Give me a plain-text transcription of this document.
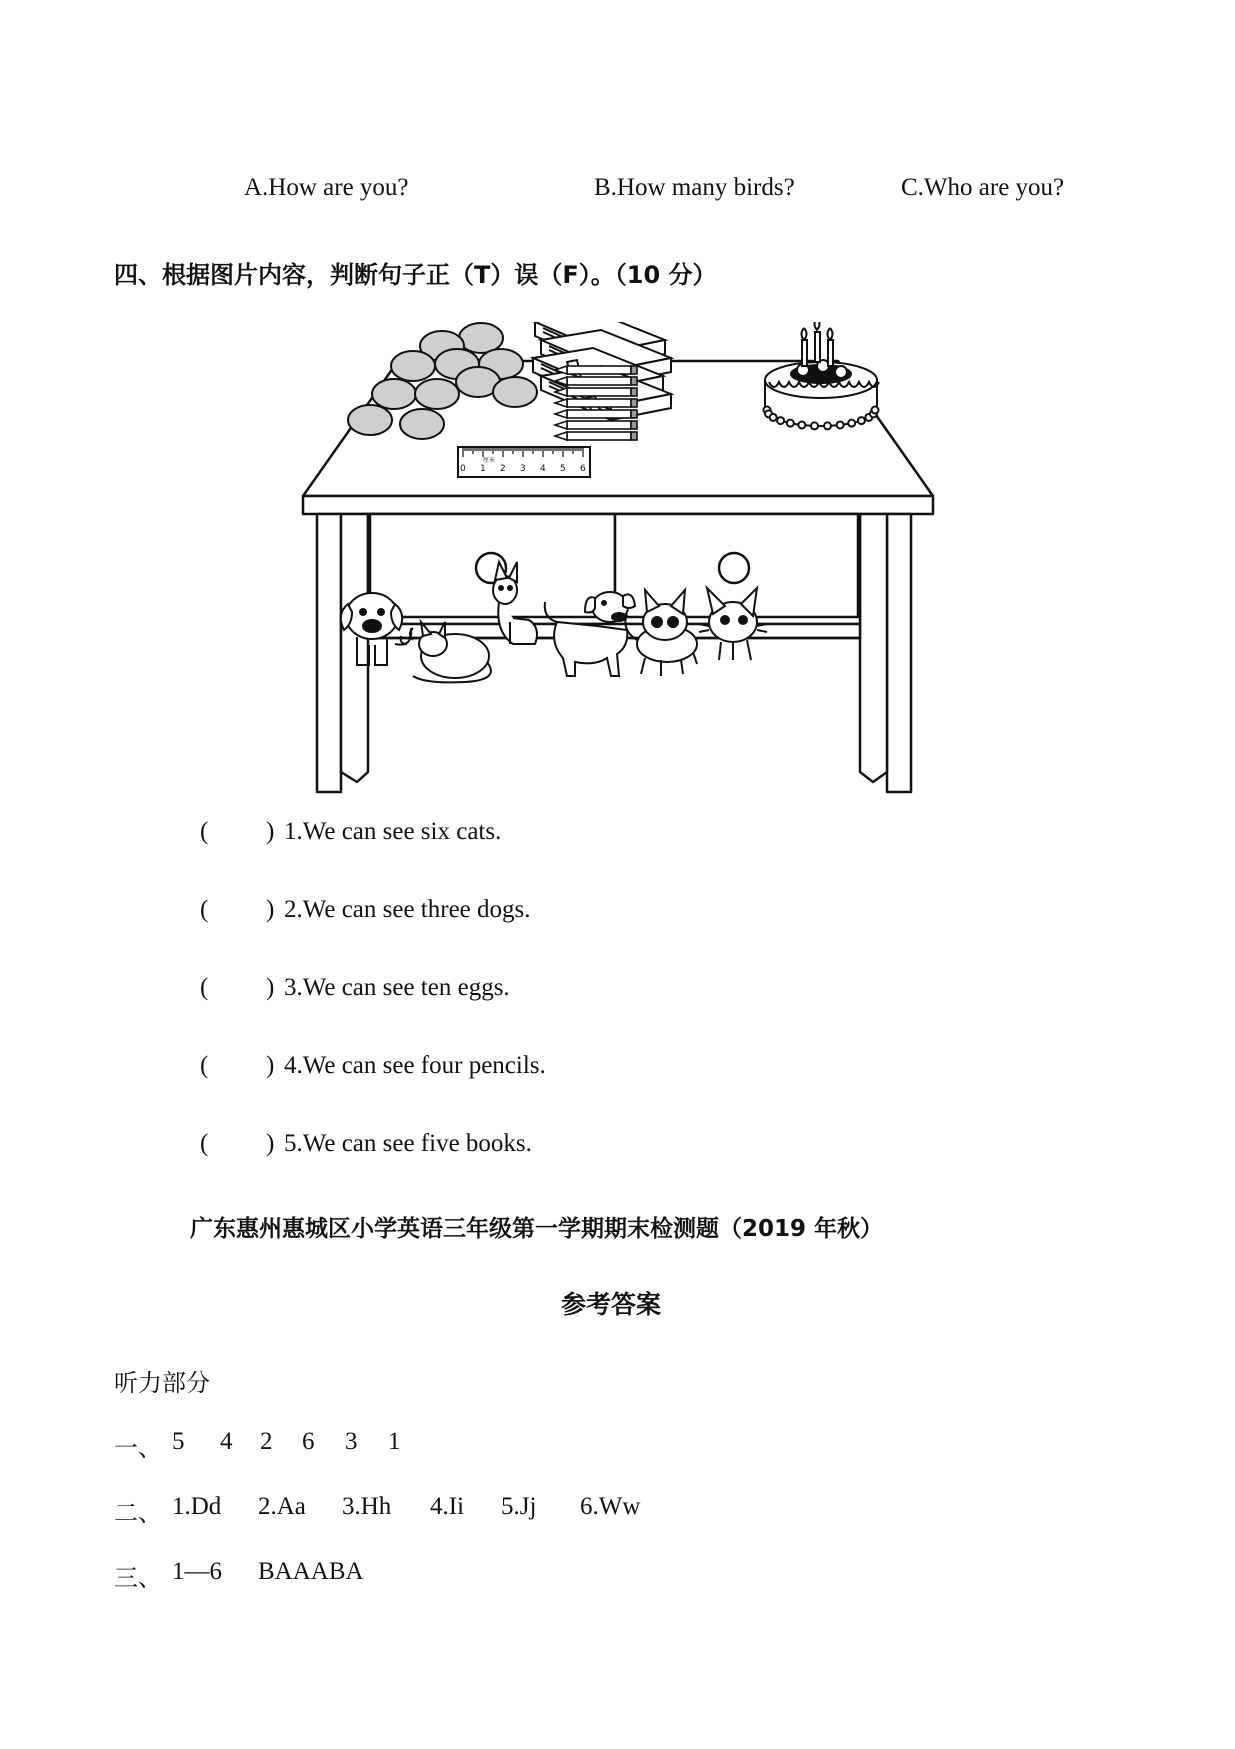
A.How are you?	B.How many birds?	C.Who are you?
四、根据图片内容，判断句子正（T）误（F）。（10 分）
0 1 2 3 4 5 6
厘米
( ) 1.We can see six cats.
( ) 2.We can see three dogs.
( ) 3.We can see ten eggs.
( ) 4.We can see four pencils.
( ) 5.We can see five books.
广东惠州惠城区小学英语三年级第一学期期末检测题（2019 年秋）
参考答案
听力部分
一、 5 4 2 6 3 1
二、 1.Dd 2.Aa 3.Hh 4.Ii 5.Jj 6.Ww
三、 1—6 BAAABA
